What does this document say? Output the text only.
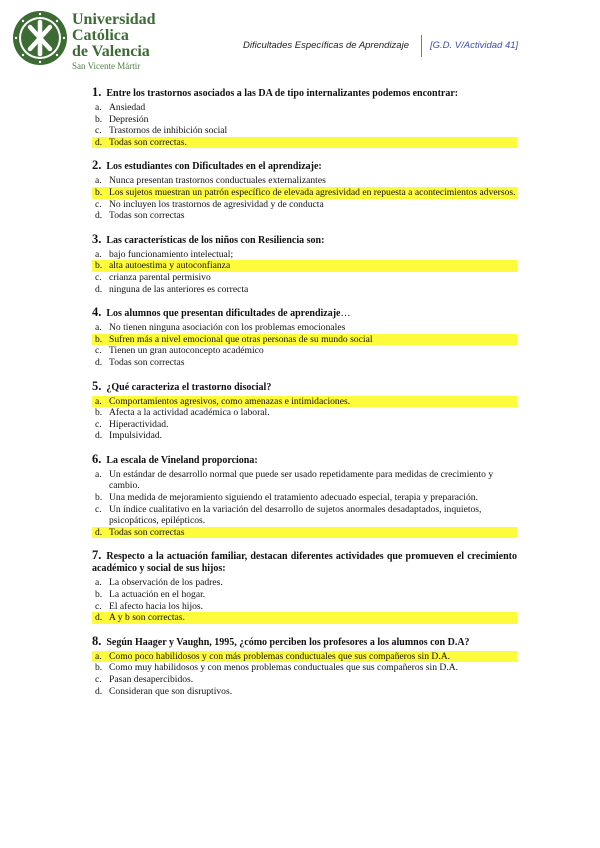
Universidad
Católica
de Valencia
San Vicente Mártir
Dificultades Específicas de Aprendizaje [G.D. V/Actividad 41]
1. Entre los trastornos asociados a las DA de tipo internalizantes podemos encontrar:
a. Ansiedad
b. Depresión
c. Trastornos de inhibición social
d. Todas son correctas.
2. Los estudiantes con Dificultades en el aprendizaje:
a. Nunca presentan trastornos conductuales externalizantes
b. Los sujetos muestran un patrón específico de elevada agresividad en repuesta a acontecimientos adversos.
c. No incluyen los trastornos de agresividad y de conducta
d. Todas son correctas
3. Las características de los niños con Resiliencia son:
a. bajo funcionamiento intelectual;
b. alta autoestima y autoconfianza
c. crianza parental permisivo
d. ninguna de las anteriores es correcta
4. Los alumnos que presentan dificultades de aprendizaje…
a. No tienen ninguna asociación con los problemas emocionales
b. Sufren más a nivel emocional que otras personas de su mundo social
c. Tienen un gran autoconcepto académico
d. Todas son correctas
5. ¿Qué caracteriza el trastorno disocial?
a. Comportamientos agresivos, como amenazas e intimidaciones.
b. Afecta a la actividad académica o laboral.
c. Hiperactividad.
d. Impulsividad.
6. La escala de Vineland proporciona:
a. Un estándar de desarrollo normal que puede ser usado repetidamente para medidas de crecimiento y cambio.
b. Una medida de mejoramiento siguiendo el tratamiento adecuado especial, terapia y preparación.
c. Un índice cualitativo en la variación del desarrollo de sujetos anormales desadaptados, inquietos, psicopáticos, epilépticos.
d. Todas son correctas
7. Respecto a la actuación familiar, destacan diferentes actividades que promueven el crecimiento académico y social de sus hijos:
a. La observación de los padres.
b. La actuación en el hogar.
c. El afecto hacia los hijos.
d. A y b son correctas.
8. Según Haager y Vaughn, 1995, ¿cómo perciben los profesores a los alumnos con D.A?
a. Como poco habilidosos y con más problemas conductuales que sus compañeros sin D.A.
b. Como muy habilidosos y con menos problemas conductuales que sus compañeros sin D.A.
c. Pasan desapercibidos.
d. Consideran que son disruptivos.
